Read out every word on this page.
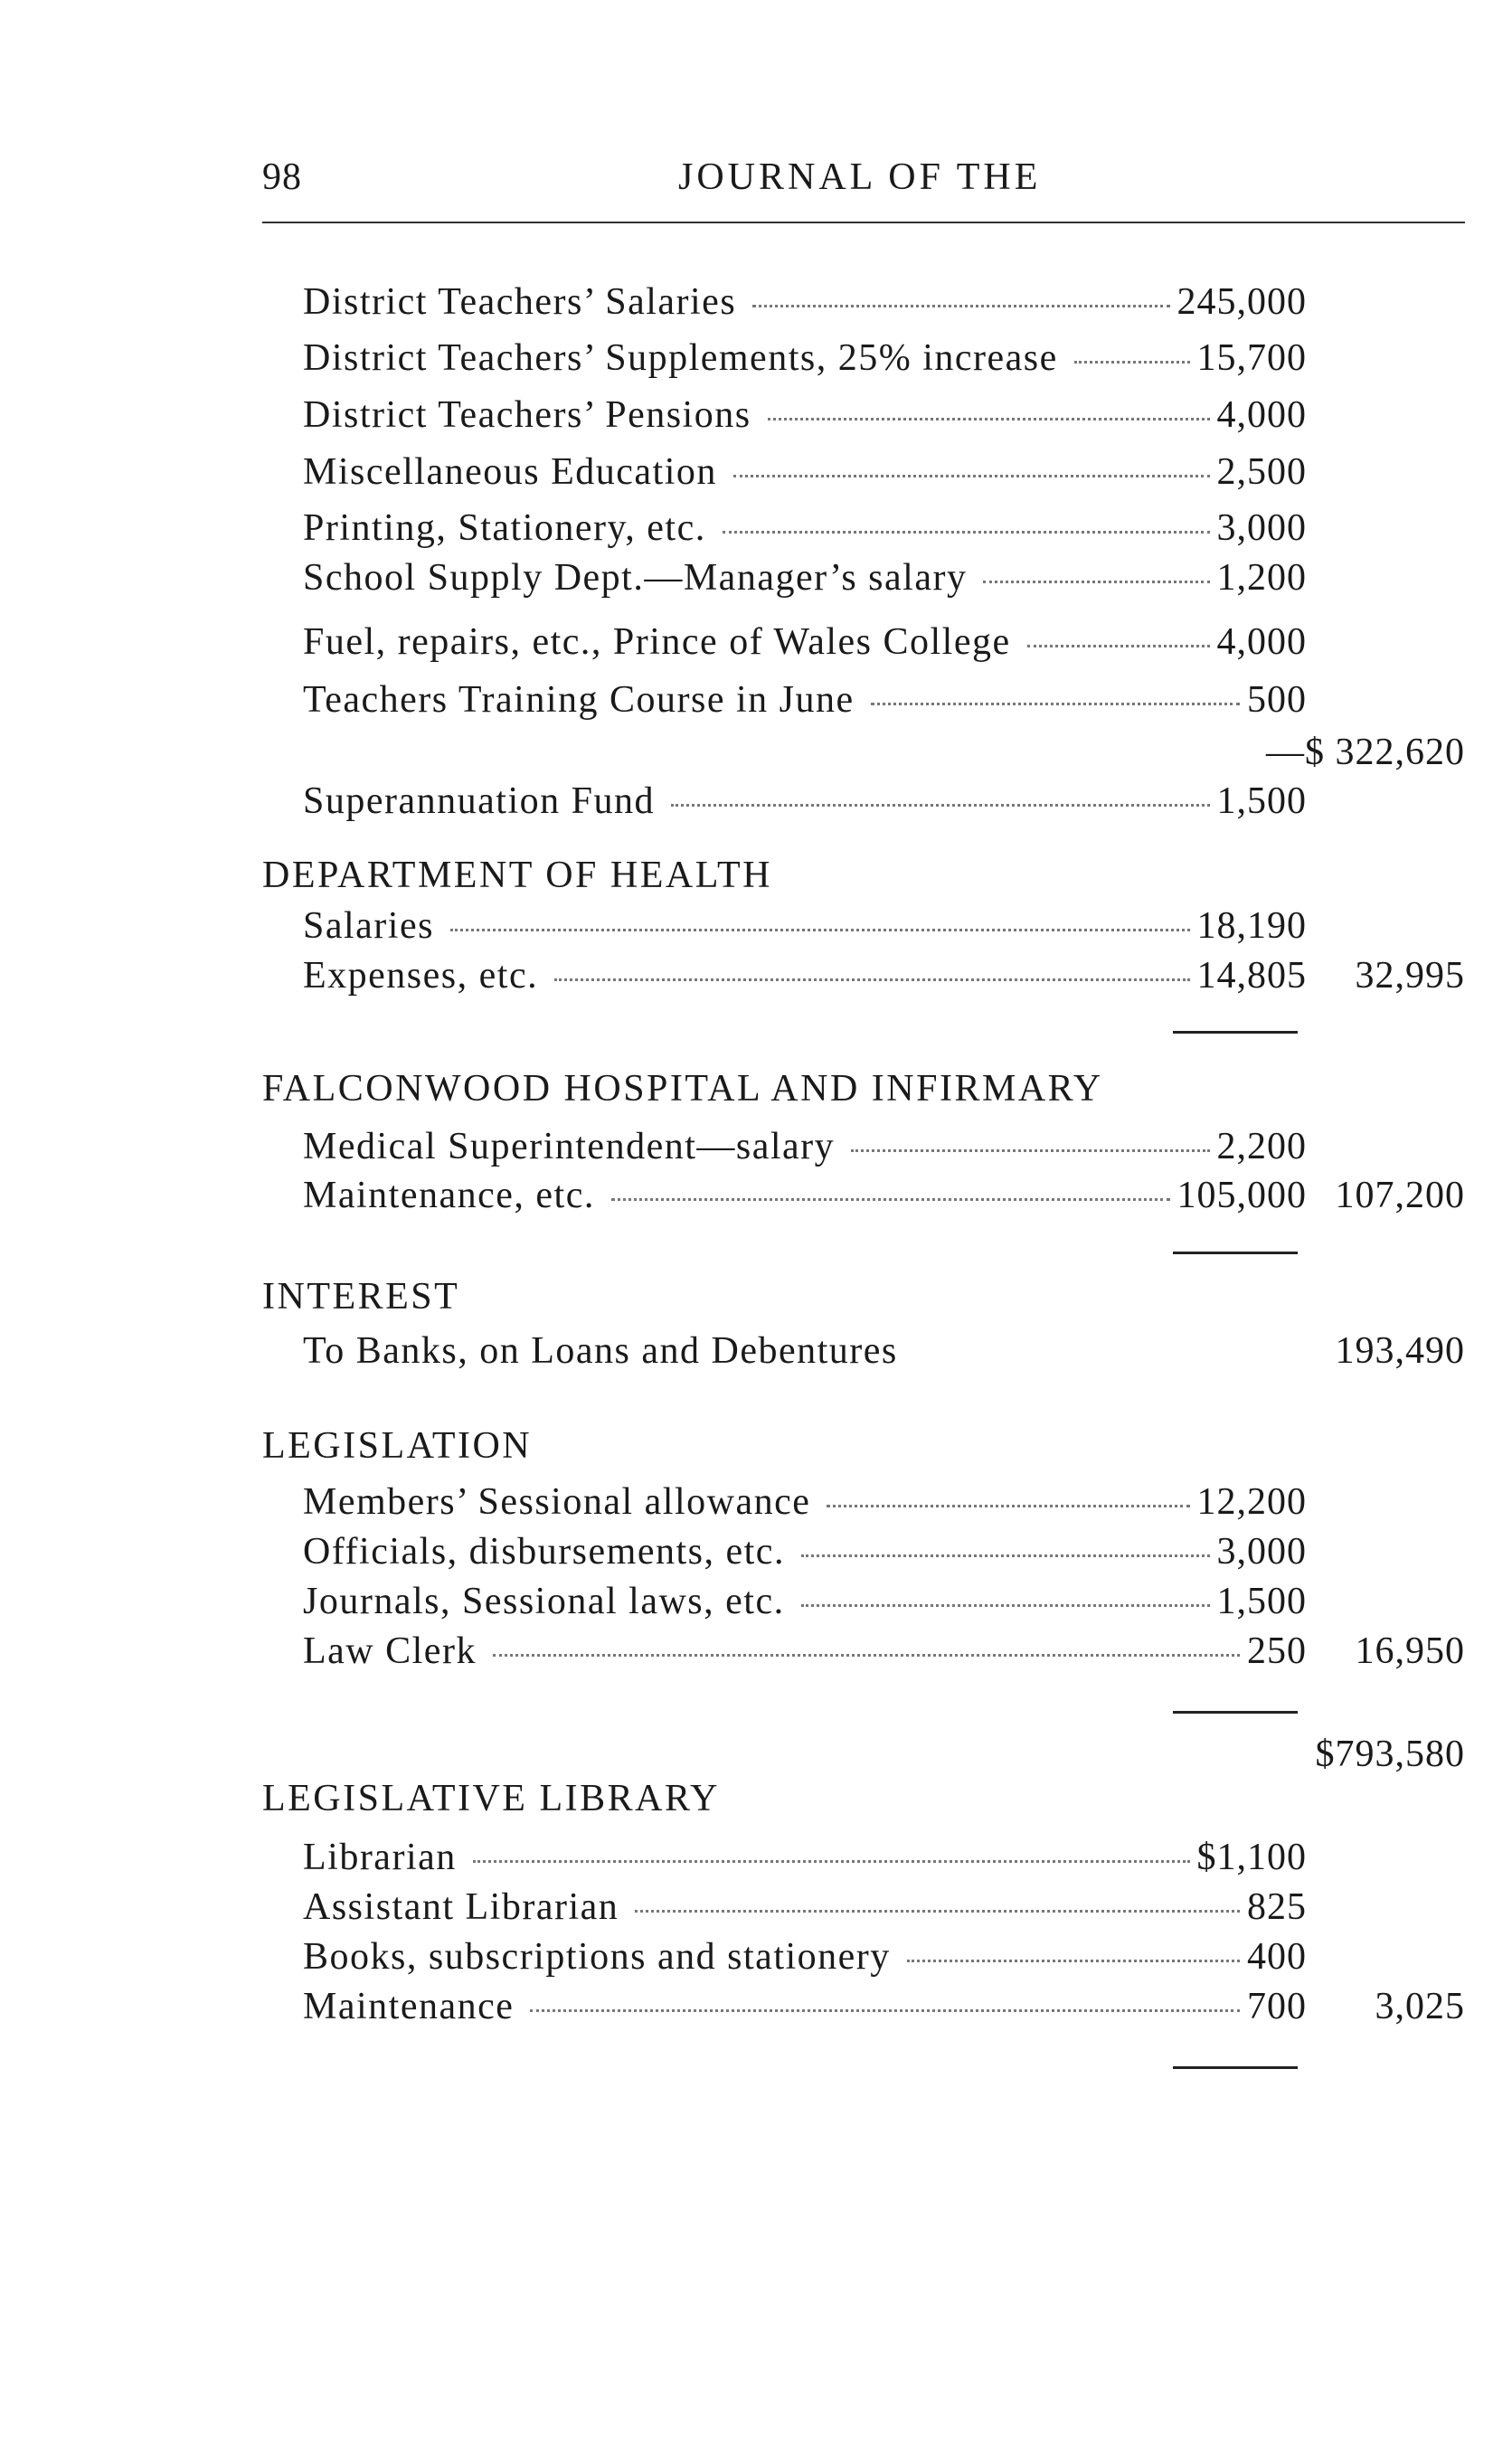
98	JOURNAL OF THE
District Teachers’ Salaries	245,000
District Teachers’ Supplements, 25% increase	15,700
District Teachers’ Pensions	4,000
Miscellaneous Education	2,500
Printing, Stationery, etc.	3,000
School Supply Dept.—Manager’s salary	1,200
Fuel, repairs, etc., Prince of Wales College	4,000
Teachers Training Course in June	500
—$ 322,620
Superannuation Fund	1,500
DEPARTMENT OF HEALTH
Salaries	18,190
Expenses, etc.	14,805 32,995
FALCONWOOD HOSPITAL AND INFIRMARY
Medical Superintendent—salary	2,200
Maintenance, etc.	105,000 107,200
INTEREST
To Banks, on Loans and Debentures	193,490
LEGISLATION
Members’ Sessional allowance	12,200
Officials, disbursements, etc.	3,000
Journals, Sessional laws, etc.	1,500
Law Clerk	250 16,950
$793,580
LEGISLATIVE LIBRARY
Librarian	$1,100
Assistant Librarian	825
Books, subscriptions and stationery	400
Maintenance	700 3,025
